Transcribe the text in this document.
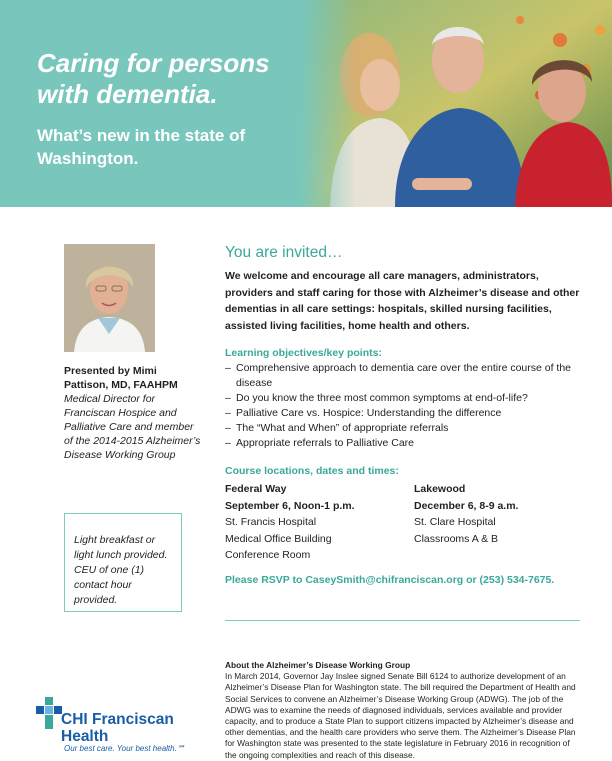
Caring for persons with dementia.
What’s new in the state of Washington.
Presented by Mimi Pattison, MD, FAAHPM
Medical Director for Franciscan Hospice and Palliative Care and member of the 2014-2015 Alzheimer’s Disease Working Group
Light breakfast or light lunch provided. CEU of one (1) contact hour provided.
You are invited…
We welcome and encourage all care managers, administrators, providers and staff caring for those with Alzheimer’s disease and other dementias in all care settings: hospitals, skilled nursing facilities, assisted living facilities, home health and others.
Learning objectives/key points:
– Comprehensive approach to dementia care over the entire course of the disease
– Do you know the three most common symptoms at end-of-life?
– Palliative Care vs. Hospice: Understanding the difference
– The “What and When” of appropriate referrals
– Appropriate referrals to Palliative Care
Course locations, dates and times:
Federal Way
September 6, Noon-1 p.m.
St. Francis Hospital
Medical Office Building
Conference Room
Lakewood
December 6, 8-9 a.m.
St. Clare Hospital
Classrooms A & B
Please RSVP to CaseySmith@chifranciscan.org or (253) 534-7675.
About the Alzheimer’s Disease Working Group
In March 2014, Governor Jay Inslee signed Senate Bill 6124 to authorize development of an Alzheimer’s Disease Plan for Washington state. The bill required the Department of Health and Social Services to convene an Alzheimer’s Disease Working Group (ADWG). The job of the ADWG was to examine the needs of diagnosed individuals, services available and provider capacity, and to produce a State Plan to support citizens impacted by Alzheimer’s disease and other dementias, and the health care providers who serve them. The Alzheimer’s Disease Plan for Washington state was presented to the state legislature in February 2016 in recognition of the ongoing complexities and reach of this disease.
CHI Franciscan
Health
Our best care. Your best health.℠
